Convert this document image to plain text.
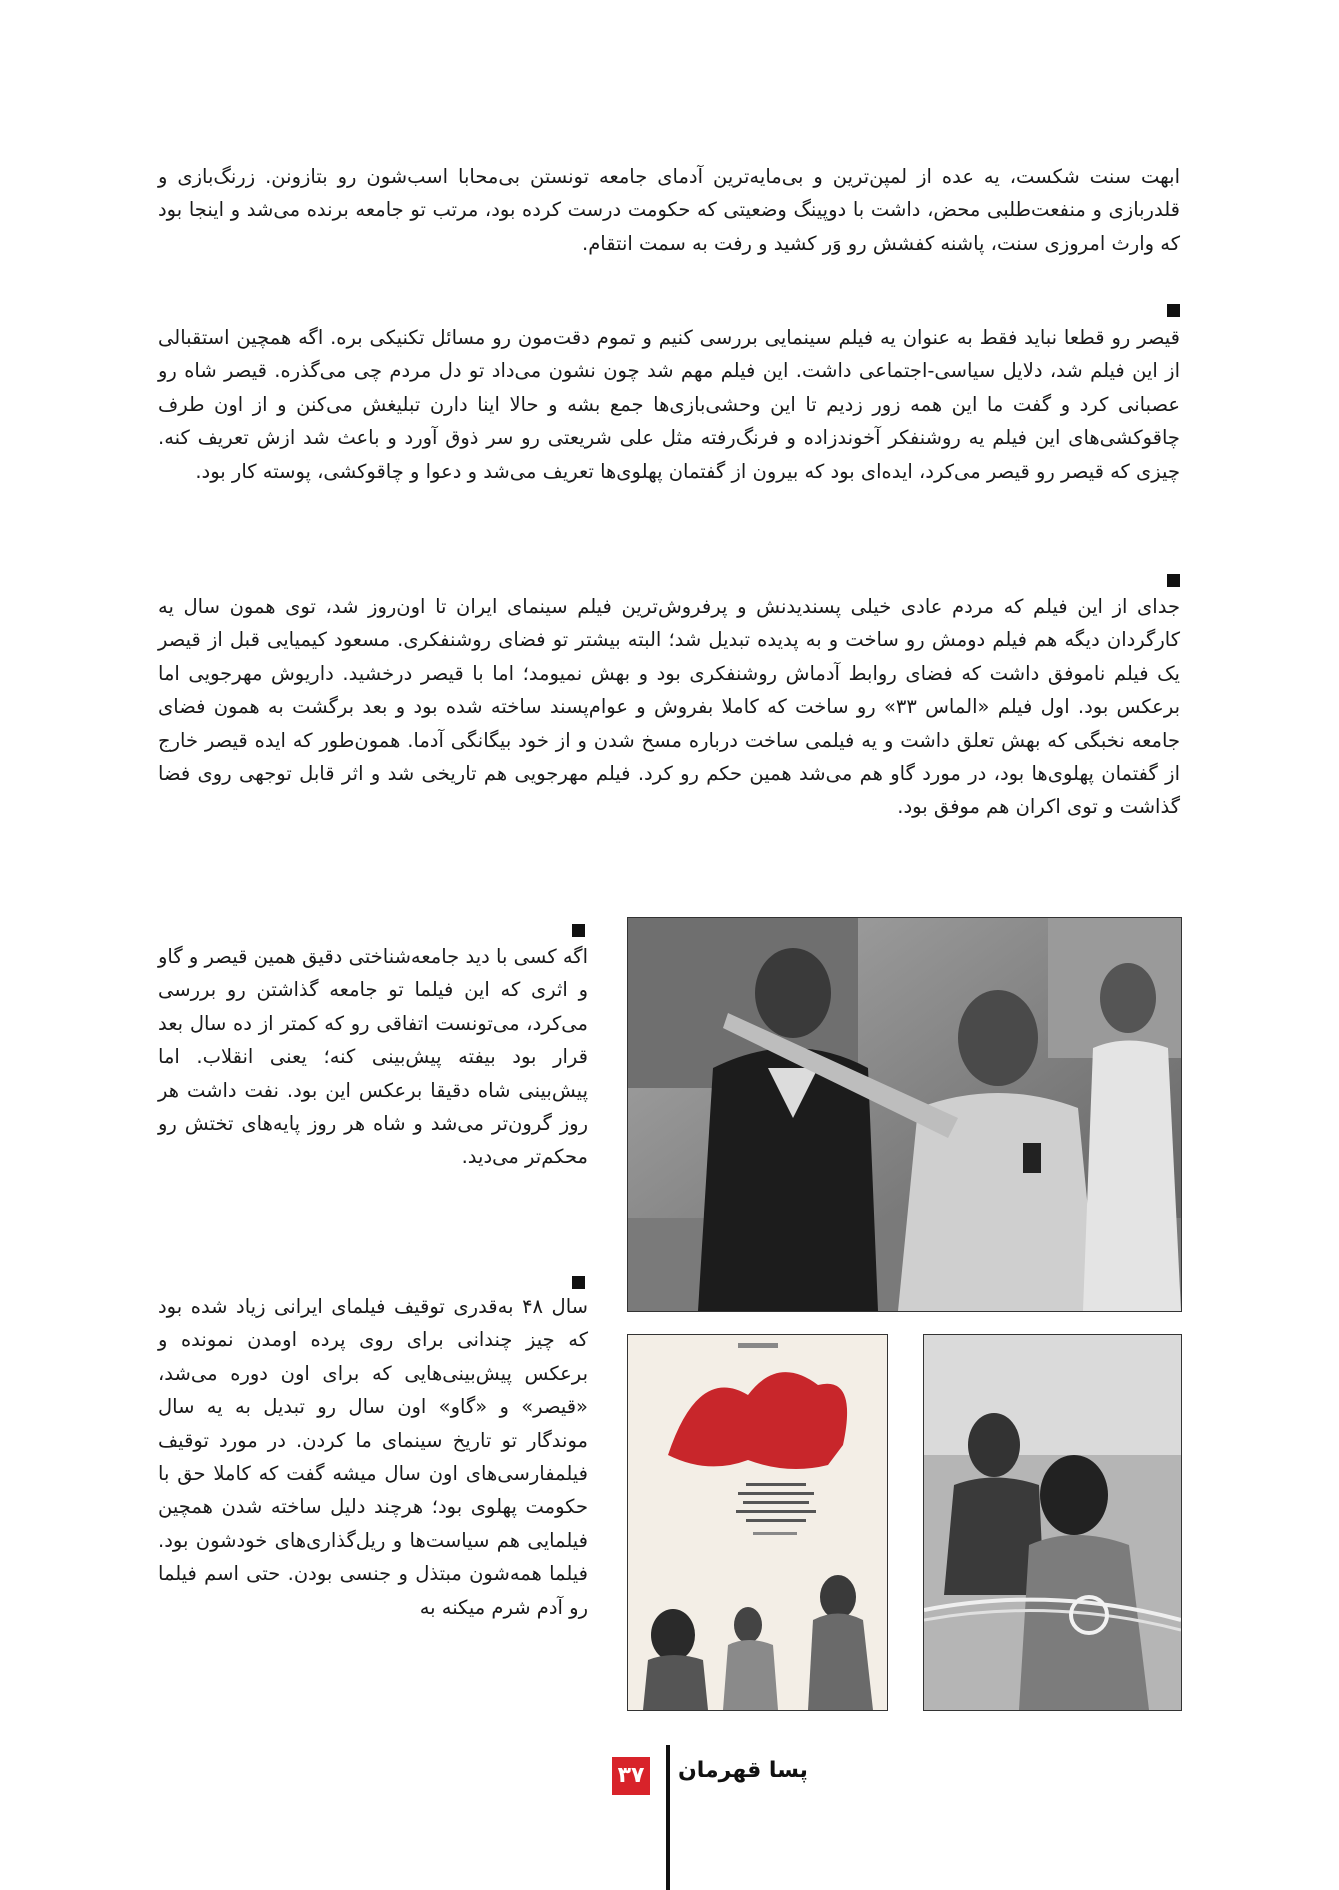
ابهت سنت شکست، یه عده از لمپن‌ترین و بی‌مایه‌ترین آدمای جامعه تونستن بی‌محابا اسب‌شون رو بتازونن. زرنگ‌بازی و قلدربازی و منفعت‌طلبی محض، داشت با دوپینگ وضعیتی که حکومت درست کرده بود، مرتب تو جامعه برنده می‌شد و اینجا بود که وارث امروزی سنت، پاشنه کفشش رو وَر کشید و رفت به سمت انتقام.

قیصر رو قطعا نباید فقط به عنوان یه فیلم سینمایی بررسی کنیم و تموم دقت‌مون رو مسائل تکنیکی بره. اگه همچین استقبالی از این فیلم شد، دلایل سیاسی-اجتماعی داشت. این فیلم مهم شد چون نشون می‌داد تو دل مردم چی می‌گذره. قیصر شاه رو عصبانی کرد و گفت ما این همه زور زدیم تا این وحشی‌بازی‌ها جمع بشه و حالا اینا دارن تبلیغش می‌کنن و از اون طرف چاقوکشی‌های این فیلم یه روشنفکر آخوندزاده و فرنگ‌رفته مثل علی شریعتی رو سر ذوق آورد و باعث شد ازش تعریف کنه. چیزی که قیصر رو قیصر می‌کرد، ایده‌ای بود که بیرون از گفتمان پهلوی‌ها تعریف می‌شد و دعوا و چاقوکشی، پوسته کار بود.

جدای از این فیلم که مردم عادی خیلی پسندیدنش و پرفروش‌ترین فیلم سینمای ایران تا اون‌روز شد، توی همون سال یه کارگردان دیگه هم فیلم دومش رو ساخت و به پدیده تبدیل شد؛ البته بیشتر تو فضای روشنفکری. مسعود کیمیایی قبل از قیصر یک فیلم ناموفق داشت که فضای روابط آدماش روشنفکری بود و بهش نمیومد؛ اما با قیصر درخشید. داریوش مهرجویی اما برعکس بود. اول فیلم «الماس ۳۳» رو ساخت که کاملا بفروش و عوام‌پسند ساخته شده بود و بعد برگشت به همون فضای جامعه نخبگی که بهش تعلق داشت و یه فیلمی ساخت درباره مسخ شدن و از خود بیگانگی آدما. همون‌طور که ایده قیصر خارج از گفتمان پهلوی‌ها بود، در مورد گاو هم می‌شد همین حکم رو کرد. فیلم مهرجویی هم تاریخی شد و اثر قابل توجهی روی فضا گذاشت و توی اکران هم موفق بود.

اگه کسی با دید جامعه‌شناختی دقیق همین قیصر و گاو و اثری که این فیلما تو جامعه گذاشتن رو بررسی می‌کرد، می‌تونست اتفاقی رو که کمتر از ده سال بعد قرار بود بیفته پیش‌بینی کنه؛ یعنی انقلاب. اما پیش‌بینی شاه دقیقا برعکس این بود. نفت داشت هر روز گرون‌تر می‌شد و شاه هر روز پایه‌های تختش رو محکم‌تر می‌دید.

سال ۴۸ به‌قدری توقیف فیلمای ایرانی زیاد شده بود که چیز چندانی برای روی پرده اومدن نمونده و برعکس پیش‌بینی‌هایی که برای اون دوره می‌شد، «قیصر» و «گاو» اون سال رو تبدیل به یه سال موندگار تو تاریخ سینمای ما کردن. در مورد توقیف فیلمفارسی‌های اون سال میشه گفت که کاملا حق با حکومت پهلوی بود؛ هرچند دلیل ساخته شدن همچین فیلمایی هم سیاست‌ها و ریل‌گذاری‌های خودشون بود. فیلما همه‌شون مبتذل و جنسی بودن. حتی اسم فیلما رو آدم شرم میکنه به

۳۷ پسا قهرمان
